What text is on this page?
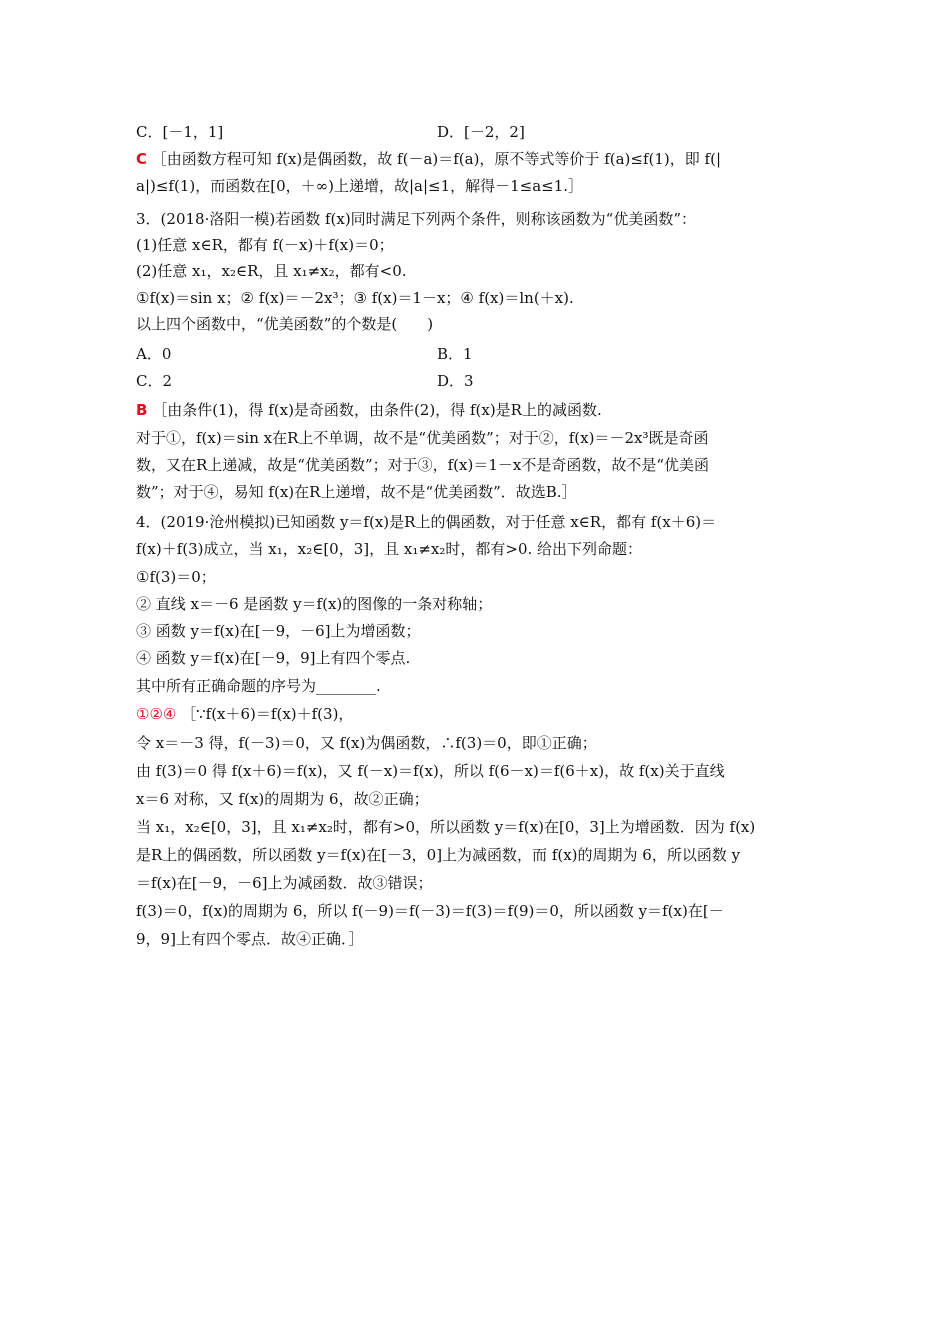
C．[－1，1]	D．[－2，2]
C ［由函数方程可知 f(x)是偶函数，故 f(－a)＝f(a)，原不等式等价于 f(a)≤f(1)，即 f(|
a|)≤f(1)，而函数在[0，＋∞)上递增，故|a|≤1，解得－1≤a≤1.］
3．(2018·洛阳一模)若函数 f(x)同时满足下列两个条件，则称该函数为“优美函数”：
(1)任意 x∈R，都有 f(－x)＋f(x)＝0；
(2)任意 x₁，x₂∈R，且 x₁≠x₂，都有<0.
①f(x)＝sin x；② f(x)＝－2x³；③ f(x)＝1－x；④ f(x)＝ln(＋x).
以上四个函数中，“优美函数”的个数是(　　)
A．0	B．1
C．2	D．3
B ［由条件(1)，得 f(x)是奇函数，由条件(2)，得 f(x)是R上的减函数.
对于①，f(x)＝sin x在R上不单调，故不是“优美函数”；对于②，f(x)＝－2x³既是奇函
数，又在R上递减，故是“优美函数”；对于③，f(x)＝1－x不是奇函数，故不是“优美函
数”；对于④，易知 f(x)在R上递增，故不是“优美函数”．故选B.］
4．(2019·沧州模拟)已知函数 y＝f(x)是R上的偶函数，对于任意 x∈R，都有 f(x＋6)＝
f(x)＋f(3)成立，当 x₁，x₂∈[0，3]，且 x₁≠x₂时，都有>0. 给出下列命题：
①f(3)＝0；
② 直线 x＝－6 是函数 y＝f(x)的图像的一条对称轴；
③ 函数 y＝f(x)在[－9，－6]上为增函数；
④ 函数 y＝f(x)在[－9，9]上有四个零点.
其中所有正确命题的序号为________.
①②④ ［∵f(x＋6)＝f(x)＋f(3)，
令 x＝－3 得，f(－3)＝0，又 f(x)为偶函数，∴f(3)＝0，即①正确；
由 f(3)＝0 得 f(x＋6)＝f(x)，又 f(－x)＝f(x)，所以 f(6－x)＝f(6＋x)，故 f(x)关于直线
x＝6 对称，又 f(x)的周期为 6，故②正确；
当 x₁，x₂∈[0，3]，且 x₁≠x₂时，都有>0，所以函数 y＝f(x)在[0，3]上为增函数．因为 f(x)
是R上的偶函数，所以函数 y＝f(x)在[－3，0]上为减函数，而 f(x)的周期为 6，所以函数 y
＝f(x)在[－9，－6]上为减函数．故③错误；
f(3)＝0，f(x)的周期为 6，所以 f(－9)＝f(－3)＝f(3)＝f(9)＝0，所以函数 y＝f(x)在[－
9，9]上有四个零点．故④正确．］
